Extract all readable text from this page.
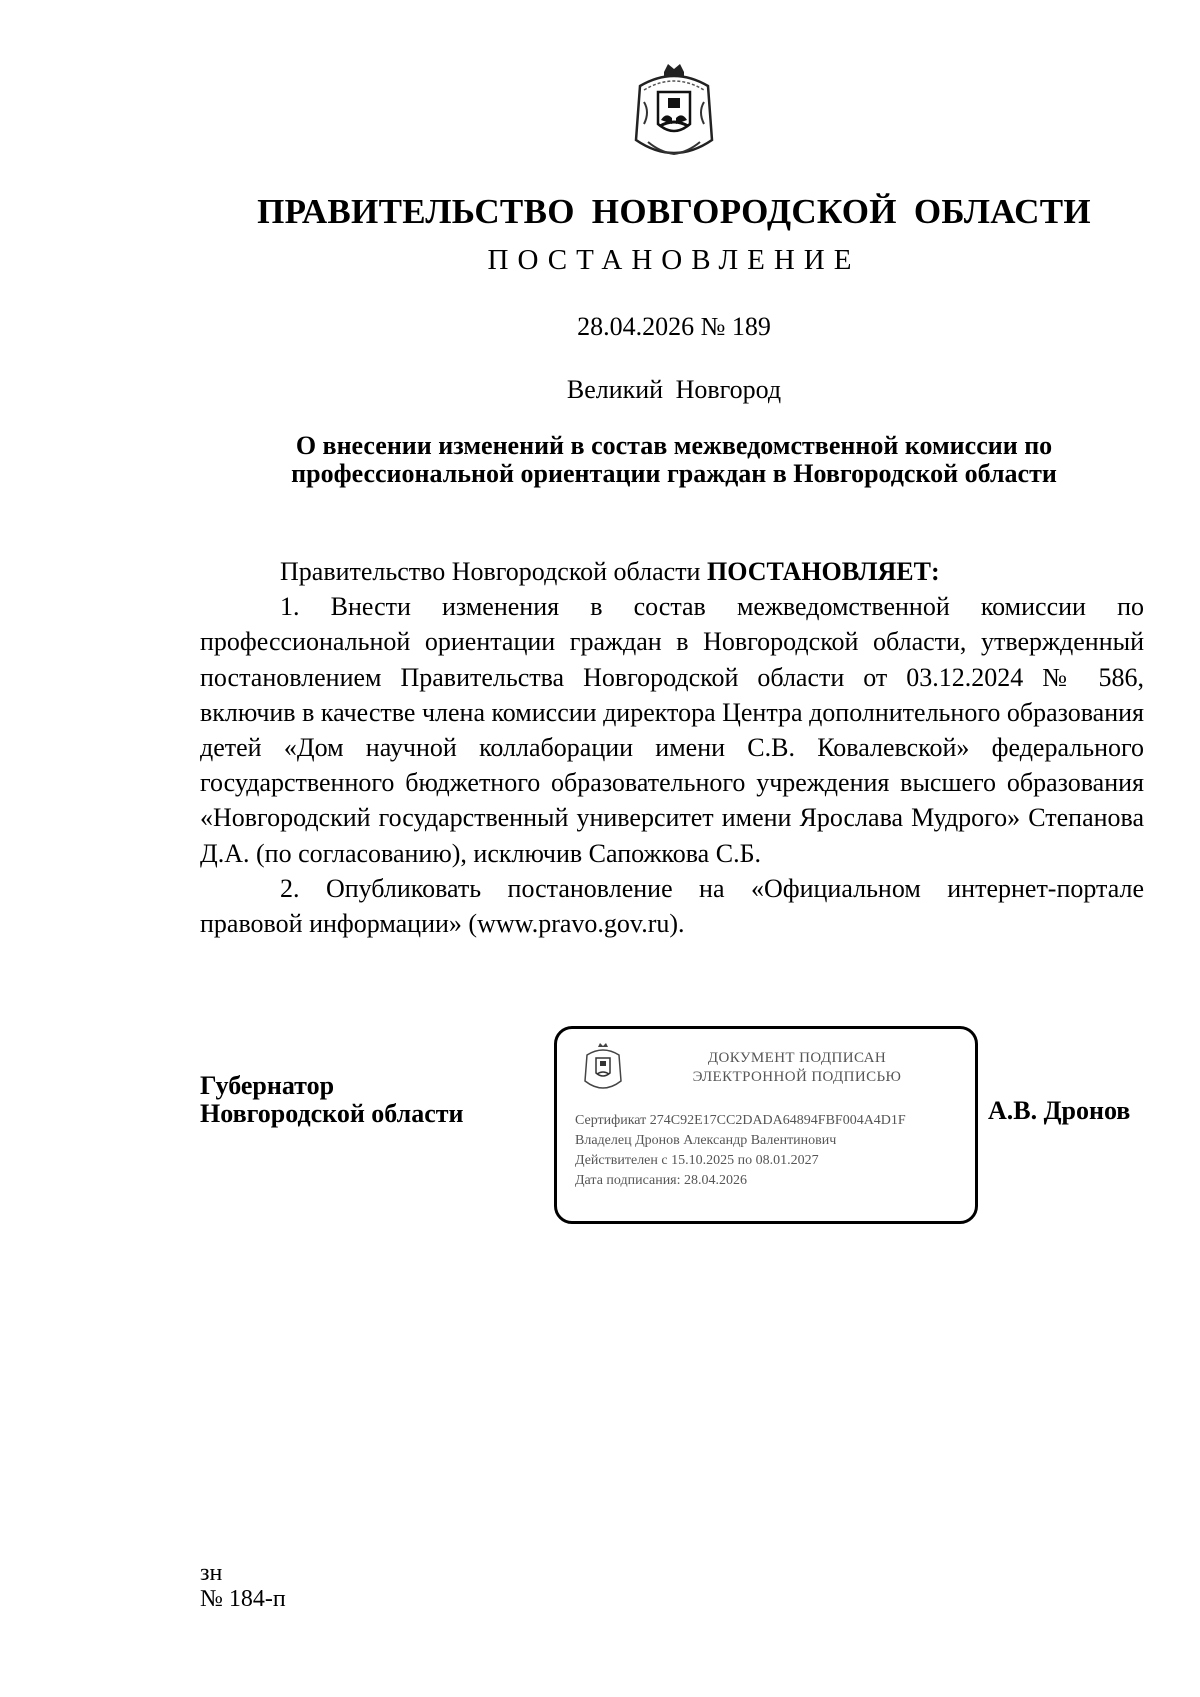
ПРАВИТЕЛЬСТВО НОВГОРОДСКОЙ ОБЛАСТИ
ПОСТАНОВЛЕНИЕ
28.04.2026 № 189
Великий Новгород
О внесении изменений в состав межведомственной комиссии по профессиональной ориентации граждан в Новгородской области

Правительство Новгородской области ПОСТАНОВЛЯЕТ:

1. Внести изменения в состав межведомственной комиссии по профессиональной ориентации граждан в Новгородской области, утвержденный постановлением Правительства Новгородской области от 03.12.2024 № 586, включив в качестве члена комиссии директора Центра дополнительного образования детей «Дом научной коллаборации имени С.В. Ковалевской» федерального государственного бюджетного образовательного учреждения высшего образования «Новгородский государственный университет имени Ярослава Мудрого» Степанова Д.А. (по согласованию), исключив Сапожкова С.Б.

2. Опубликовать постановление на «Официальном интернет-портале правовой информации» (www.pravo.gov.ru).

Губернатор
Новгородской области
ДОКУМЕНТ ПОДПИСАН
ЭЛЕКТРОННОЙ ПОДПИСЬЮ
Сертификат 274C92E17CC2DADA64894FBF004A4D1F
Владелец Дронов Александр Валентинович
Действителен с 15.10.2025 по 08.01.2027
Дата подписания: 28.04.2026
А.В. Дронов
зн
№ 184-п
